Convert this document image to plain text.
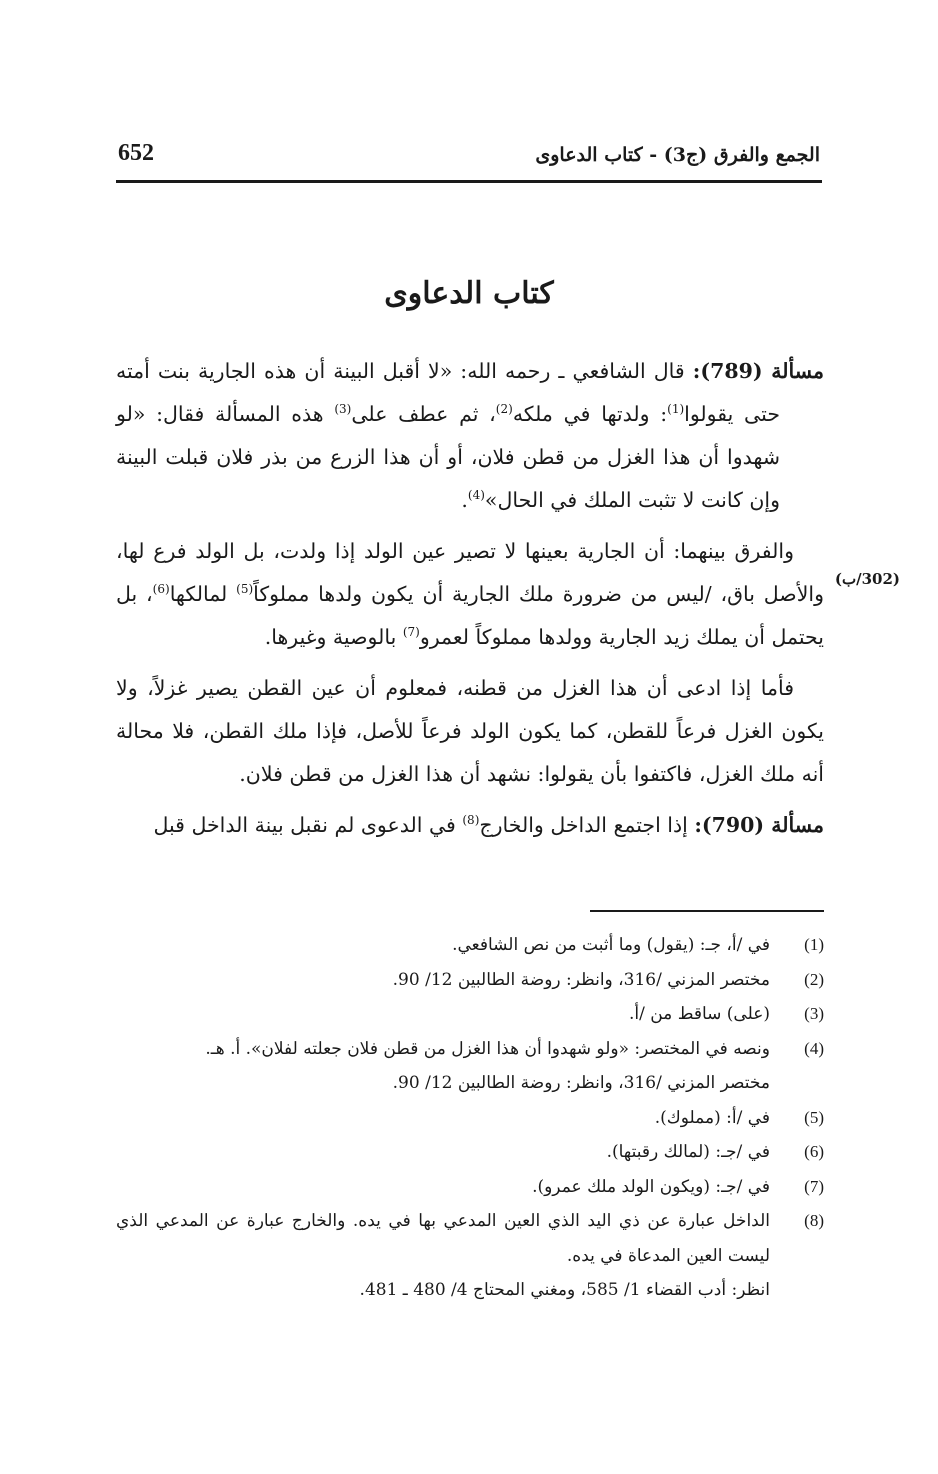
652	الجمع والفرق (ج3) - كتاب الدعاوى
كتاب الدعاوى
(302/ب)

مسألة (789): قال الشافعي ـ رحمه الله: «لا أقبل البينة أن هذه الجارية بنت أمته حتى يقولوا$^{(1)}$: ولدتها في ملكه$^{(2)}$، ثم عطف على$^{(3)}$ هذه المسألة فقال: «لو شهدوا أن هذا الغزل من قطن فلان، أو أن هذا الزرع من بذر فلان قبلت البينة وإن كانت لا تثبت الملك في الحال»$^{(4)}$.

والفرق بينهما: أن الجارية بعينها لا تصير عين الولد إذا ولدت، بل الولد فرع لها، والأصل باق، /ليس من ضرورة ملك الجارية أن يكون ولدها مملوكاً$^{(5)}$ لمالكها$^{(6)}$، بل يحتمل أن يملك زيد الجارية وولدها مملوكاً لعمرو$^{(7)}$ بالوصية وغيرها.

فأما إذا ادعى أن هذا الغزل من قطنه، فمعلوم أن عين القطن يصير غزلاً، ولا يكون الغزل فرعاً للقطن، كما يكون الولد فرعاً للأصل، فإذا ملك القطن، فلا محالة أنه ملك الغزل، فاكتفوا بأن يقولوا: نشهد أن هذا الغزل من قطن فلان.

مسألة (790): إذا اجتمع الداخل والخارج$^{(8)}$ في الدعوى لم نقبل بينة الداخل قبل

(1)
في /أ، جـ: (يقول) وما أثبت من نص الشافعي.
(2)
مختصر المزني /316، وانظر: روضة الطالبين 12/ 90.
(3)
(على) ساقط من /أ.
(4)
ونصه في المختصر: «ولو شهدوا أن هذا الغزل من قطن فلان جعلته لفلان». أ. هـ.
مختصر المزني /316، وانظر: روضة الطالبين 12/ 90.
(5)
في /أ: (مملوك).
(6)
في /جـ: (لمالك رقبتها).
(7)
في /جـ: (ويكون الولد ملك عمرو).
(8)
الداخل عبارة عن ذي اليد الذي العين المدعي بها في يده. والخارج عبارة عن المدعي الذي ليست العين المدعاة في يده.
انظر: أدب القضاء 1/ 585، ومغني المحتاج 4/ 480 ـ 481.
